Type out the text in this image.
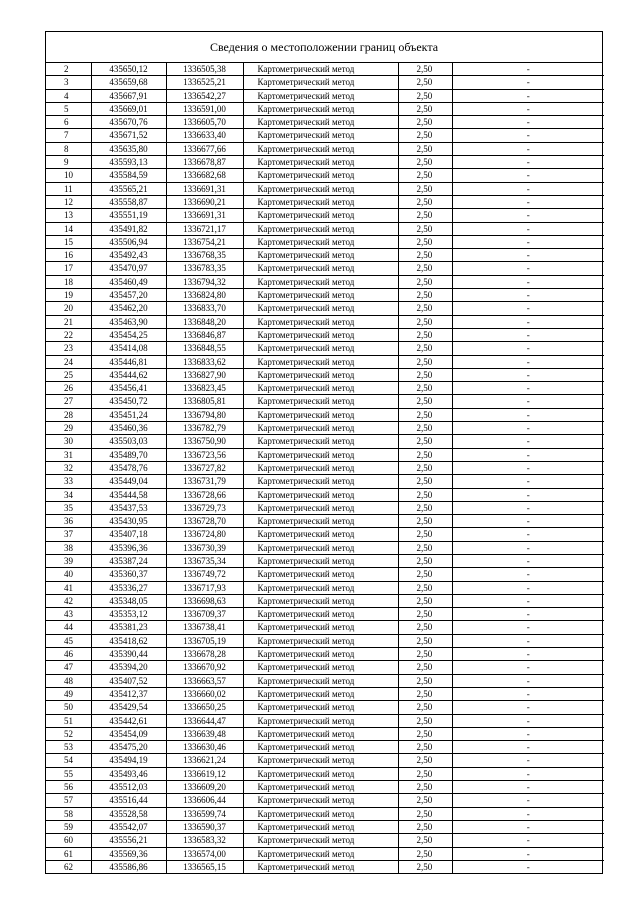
Сведения о местоположении границ объекта
2	435650,12	1336505,38	Картометрический метод	2,50	-
3	435659,68	1336525,21	Картометрический метод	2,50	-
4	435667,91	1336542,27	Картометрический метод	2,50	-
5	435669,01	1336591,00	Картометрический метод	2,50	-
6	435670,76	1336605,70	Картометрический метод	2,50	-
7	435671,52	1336633,40	Картометрический метод	2,50	-
8	435635,80	1336677,66	Картометрический метод	2,50	-
9	435593,13	1336678,87	Картометрический метод	2,50	-
10	435584,59	1336682,68	Картометрический метод	2,50	-
11	435565,21	1336691,31	Картометрический метод	2,50	-
12	435558,87	1336690,21	Картометрический метод	2,50	-
13	435551,19	1336691,31	Картометрический метод	2,50	-
14	435491,82	1336721,17	Картометрический метод	2,50	-
15	435506,94	1336754,21	Картометрический метод	2,50	-
16	435492,43	1336768,35	Картометрический метод	2,50	-
17	435470,97	1336783,35	Картометрический метод	2,50	-
18	435460,49	1336794,32	Картометрический метод	2,50	-
19	435457,20	1336824,80	Картометрический метод	2,50	-
20	435462,20	1336833,70	Картометрический метод	2,50	-
21	435463,90	1336848,20	Картометрический метод	2,50	-
22	435454,25	1336846,87	Картометрический метод	2,50	-
23	435414,08	1336848,55	Картометрический метод	2,50	-
24	435446,81	1336833,62	Картометрический метод	2,50	-
25	435444,62	1336827,90	Картометрический метод	2,50	-
26	435456,41	1336823,45	Картометрический метод	2,50	-
27	435450,72	1336805,81	Картометрический метод	2,50	-
28	435451,24	1336794,80	Картометрический метод	2,50	-
29	435460,36	1336782,79	Картометрический метод	2,50	-
30	435503,03	1336750,90	Картометрический метод	2,50	-
31	435489,70	1336723,56	Картометрический метод	2,50	-
32	435478,76	1336727,82	Картометрический метод	2,50	-
33	435449,04	1336731,79	Картометрический метод	2,50	-
34	435444,58	1336728,66	Картометрический метод	2,50	-
35	435437,53	1336729,73	Картометрический метод	2,50	-
36	435430,95	1336728,70	Картометрический метод	2,50	-
37	435407,18	1336724,80	Картометрический метод	2,50	-
38	435396,36	1336730,39	Картометрический метод	2,50	-
39	435387,24	1336735,34	Картометрический метод	2,50	-
40	435360,37	1336749,72	Картометрический метод	2,50	-
41	435336,27	1336717,93	Картометрический метод	2,50	-
42	435348,05	1336698,63	Картометрический метод	2,50	-
43	435353,12	1336709,37	Картометрический метод	2,50	-
44	435381,23	1336738,41	Картометрический метод	2,50	-
45	435418,62	1336705,19	Картометрический метод	2,50	-
46	435390,44	1336678,28	Картометрический метод	2,50	-
47	435394,20	1336670,92	Картометрический метод	2,50	-
48	435407,52	1336663,57	Картометрический метод	2,50	-
49	435412,37	1336660,02	Картометрический метод	2,50	-
50	435429,54	1336650,25	Картометрический метод	2,50	-
51	435442,61	1336644,47	Картометрический метод	2,50	-
52	435454,09	1336639,48	Картометрический метод	2,50	-
53	435475,20	1336630,46	Картометрический метод	2,50	-
54	435494,19	1336621,24	Картометрический метод	2,50	-
55	435493,46	1336619,12	Картометрический метод	2,50	-
56	435512,03	1336609,20	Картометрический метод	2,50	-
57	435516,44	1336606,44	Картометрический метод	2,50	-
58	435528,58	1336599,74	Картометрический метод	2,50	-
59	435542,07	1336590,37	Картометрический метод	2,50	-
60	435556,21	1336583,32	Картометрический метод	2,50	-
61	435569,36	1336574,00	Картометрический метод	2,50	-
62	435586,86	1336565,15	Картометрический метод	2,50	-
